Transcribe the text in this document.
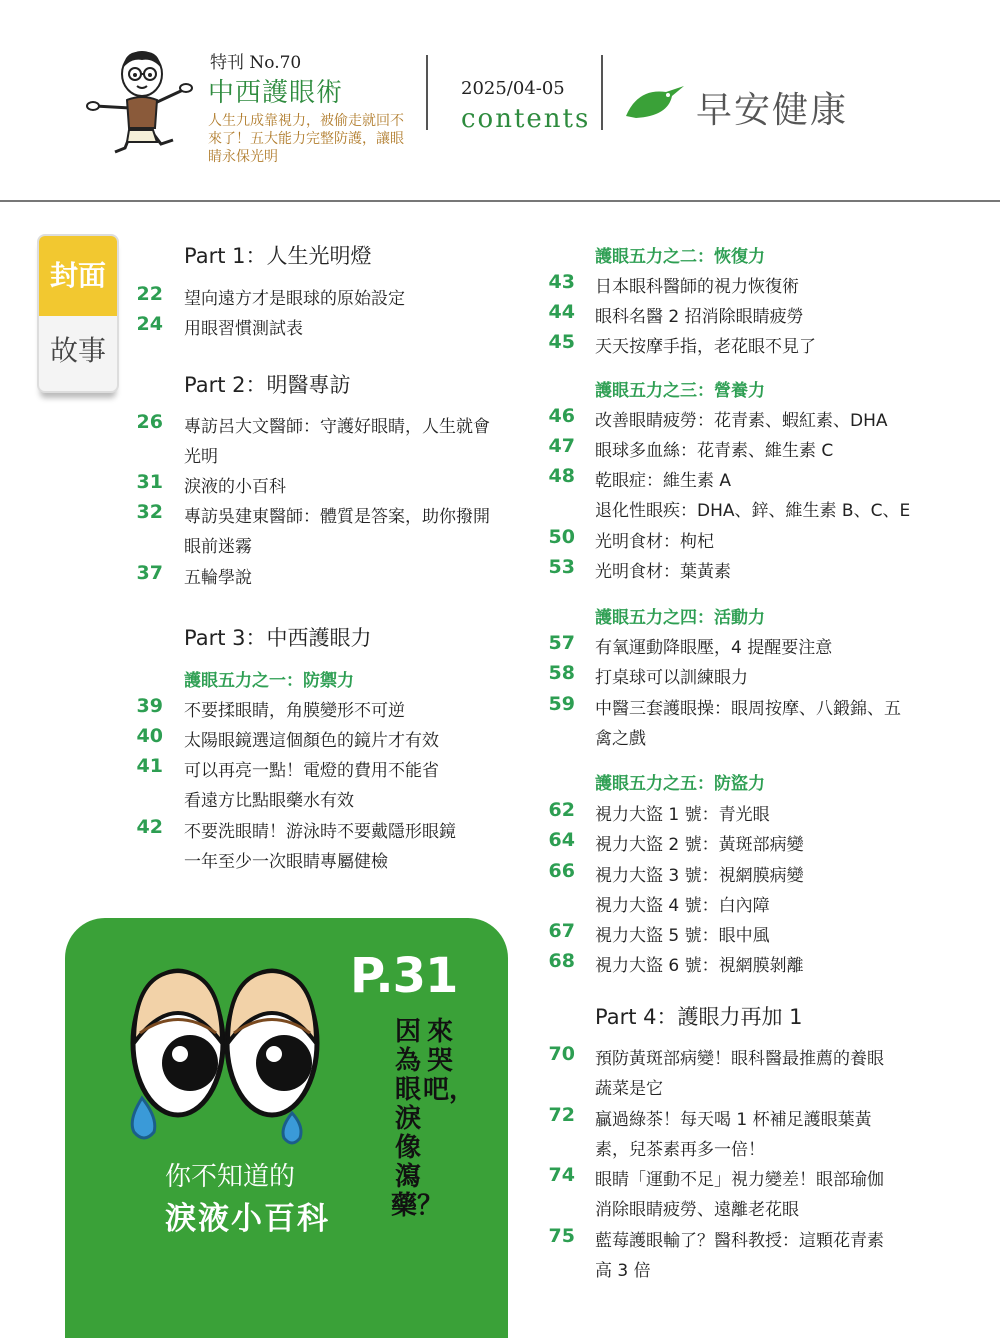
特刊 No.70
中西護眼術
人生九成靠視力，被偷走就回不來了！五大能力完整防護，讓眼睛永保光明
2025/04-05
contents	早安健康
封面
故事
Part 1：人生光明燈
22 望向遠方才是眼球的原始設定
24 用眼習慣測試表
Part 2：明醫專訪
26 專訪呂大文醫師：守護好眼睛，人生就會
光明
31 淚液的小百科
32 專訪吳建東醫師：體質是答案，助你撥開
眼前迷霧
37 五輪學說
Part 3：中西護眼力
護眼五力之一：防禦力
39 不要揉眼睛，角膜變形不可逆
40 太陽眼鏡選這個顏色的鏡片才有效
41 可以再亮一點！電燈的費用不能省
看遠方比點眼藥水有效
42 不要洗眼睛！游泳時不要戴隱形眼鏡
一年至少一次眼睛專屬健檢
護眼五力之二：恢復力
43 日本眼科醫師的視力恢復術
44 眼科名醫 2 招消除眼睛疲勞
45 天天按摩手指，老花眼不見了
護眼五力之三：營養力
46 改善眼睛疲勞：花青素、蝦紅素、DHA
47 眼球多血絲：花青素、維生素 C
48 乾眼症：維生素 A
退化性眼疾：DHA、鋅、維生素 B、C、E
50 光明食材：枸杞
53 光明食材：葉黃素
護眼五力之四：活動力
57 有氧運動降眼壓，4 提醒要注意
58 打桌球可以訓練眼力
59 中醫三套護眼操：眼周按摩、八鍛錦、五
禽之戲
護眼五力之五：防盜力
62 視力大盜 1 號：青光眼
64 視力大盜 2 號：黃斑部病變
66 視力大盜 3 號：視網膜病變
視力大盜 4 號：白內障
67 視力大盜 5 號：眼中風
68 視力大盜 6 號：視網膜剝離
Part 4：護眼力再加 1
70 預防黃斑部病變！眼科醫最推薦的養眼
蔬菜是它
72 贏過綠茶！每天喝 1 杯補足護眼葉黃
素，兒茶素再多一倍！
74 眼睛「運動不足」視力變差！眼部瑜伽
消除眼睛疲勞、遠離老花眼
75 藍莓護眼輸了？醫科教授：這顆花青素
高 3 倍
P.31
來哭吧，
因為眼淚像瀉藥？
你不知道的
淚液小百科
